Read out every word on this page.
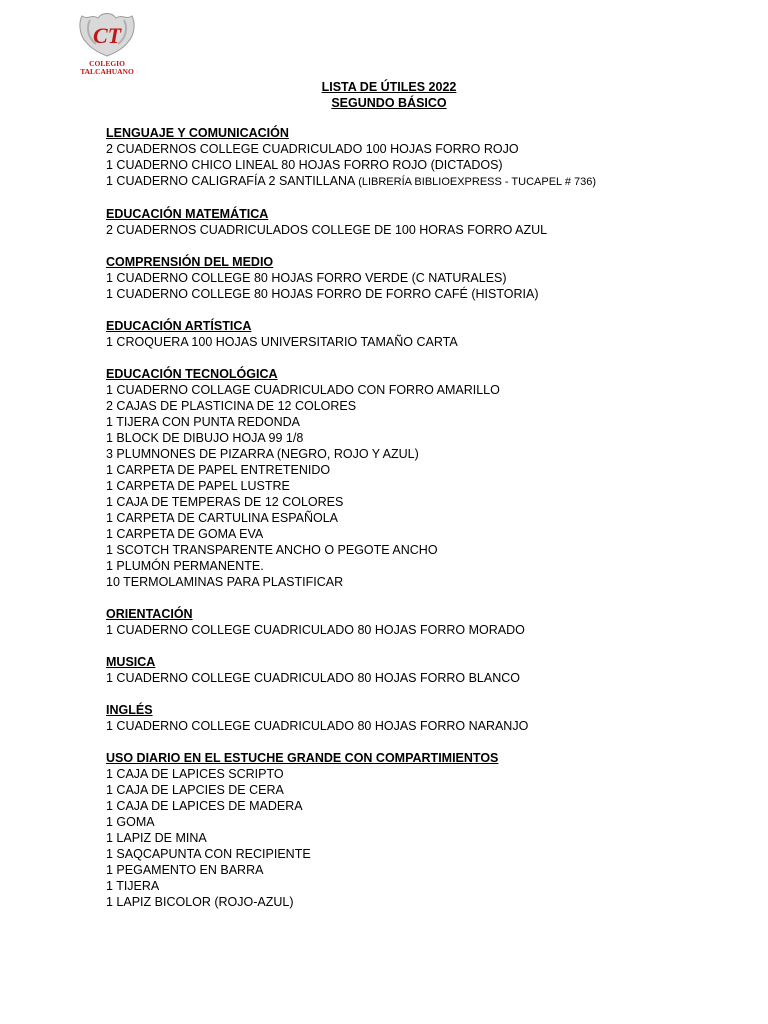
CT
COLEGIO
TALCAHUANO
LISTA DE ÚTILES 2022
SEGUNDO BÁSICO
LENGUAJE Y COMUNICACIÓN
2 CUADERNOS COLLEGE CUADRICULADO 100 HOJAS FORRO ROJO
1 CUADERNO CHICO LINEAL 80 HOJAS FORRO ROJO (DICTADOS)
1 CUADERNO CALIGRAFÍA 2 SANTILLANA (LIBRERÍA BIBLIOEXPRESS - TUCAPEL # 736)
EDUCACIÓN MATEMÁTICA
2 CUADERNOS CUADRICULADOS COLLEGE DE 100 HORAS FORRO AZUL
COMPRENSIÓN DEL MEDIO
1 CUADERNO COLLEGE 80 HOJAS FORRO VERDE (C NATURALES)
1 CUADERNO COLLEGE 80 HOJAS FORRO DE FORRO CAFÉ (HISTORIA)
EDUCACIÓN ARTÍSTICA
1 CROQUERA 100 HOJAS UNIVERSITARIO TAMAÑO CARTA
EDUCACIÓN TECNOLÓGICA
1 CUADERNO COLLAGE CUADRICULADO CON FORRO AMARILLO
2 CAJAS DE PLASTICINA DE 12 COLORES
1 TIJERA CON PUNTA REDONDA
1 BLOCK DE DIBUJO HOJA 99 1/8
3 PLUMNONES DE PIZARRA (NEGRO, ROJO Y AZUL)
1 CARPETA DE PAPEL ENTRETENIDO
1 CARPETA DE PAPEL LUSTRE
1 CAJA DE TEMPERAS DE 12 COLORES
1 CARPETA DE CARTULINA ESPAÑOLA
1 CARPETA DE GOMA EVA
1 SCOTCH TRANSPARENTE ANCHO O PEGOTE ANCHO
1 PLUMÓN PERMANENTE.
10 TERMOLAMINAS PARA PLASTIFICAR
ORIENTACIÓN
1 CUADERNO COLLEGE CUADRICULADO 80 HOJAS FORRO MORADO
MUSICA
1 CUADERNO COLLEGE CUADRICULADO 80 HOJAS FORRO BLANCO
INGLÉS
1 CUADERNO COLLEGE CUADRICULADO 80 HOJAS FORRO NARANJO
USO DIARIO EN EL ESTUCHE GRANDE CON COMPARTIMIENTOS
1 CAJA DE LAPICES SCRIPTO
1 CAJA DE LAPCIES DE CERA
1 CAJA DE LAPICES DE MADERA
1 GOMA
1 LAPIZ DE MINA
1 SAQCAPUNTA CON RECIPIENTE
1 PEGAMENTO EN BARRA
1 TIJERA
1 LAPIZ BICOLOR (ROJO-AZUL)
